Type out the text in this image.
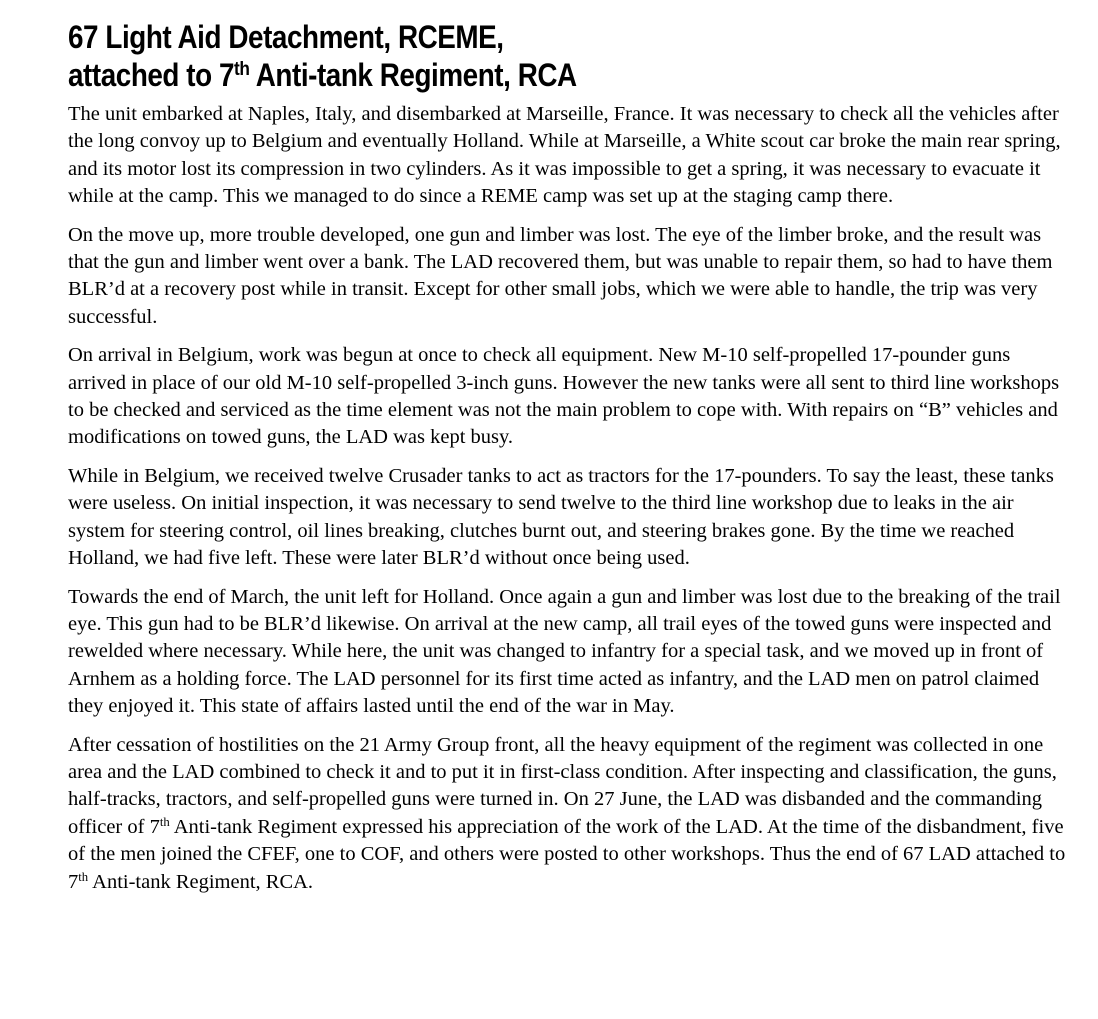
67 Light Aid Detachment, RCEME,
attached to 7th Anti-tank Regiment, RCA

The unit embarked at Naples, Italy, and disembarked at Marseille, France. It was necessary to check all the vehicles after the long convoy up to Belgium and eventually Holland. While at Marseille, a White scout car broke the main rear spring, and its motor lost its compression in two cylinders. As it was impossible to get a spring, it was necessary to evacuate it while at the camp. This we managed to do since a REME camp was set up at the staging camp there.

On the move up, more trouble developed, one gun and limber was lost. The eye of the limber broke, and the result was that the gun and limber went over a bank. The LAD recovered them, but was unable to repair them, so had to have them BLR’d at a recovery post while in transit. Except for other small jobs, which we were able to handle, the trip was very successful.

On arrival in Belgium, work was begun at once to check all equipment. New M-10 self-propelled 17-pounder guns arrived in place of our old M-10 self-propelled 3-inch guns. However the new tanks were all sent to third line workshops to be checked and serviced as the time element was not the main problem to cope with. With repairs on “B” vehicles and modifications on towed guns, the LAD was kept busy.

While in Belgium, we received twelve Crusader tanks to act as tractors for the 17-pounders. To say the least, these tanks were useless. On initial inspection, it was necessary to send twelve to the third line workshop due to leaks in the air system for steering control, oil lines breaking, clutches burnt out, and steering brakes gone. By the time we reached Holland, we had five left. These were later BLR’d without once being used.

Towards the end of March, the unit left for Holland. Once again a gun and limber was lost due to the breaking of the trail eye. This gun had to be BLR’d likewise. On arrival at the new camp, all trail eyes of the towed guns were inspected and rewelded where necessary. While here, the unit was changed to infantry for a special task, and we moved up in front of Arnhem as a holding force. The LAD personnel for its first time acted as infantry, and the LAD men on patrol claimed they enjoyed it. This state of affairs lasted until the end of the war in May.

After cessation of hostilities on the 21 Army Group front, all the heavy equipment of the regiment was collected in one area and the LAD combined to check it and to put it in first-class condition. After inspecting and classification, the guns, half-tracks, tractors, and self-propelled guns were turned in. On 27 June, the LAD was disbanded and the commanding officer of 7th Anti-tank Regiment expressed his appreciation of the work of the LAD. At the time of the disbandment, five of the men joined the CFEF, one to COF, and others were posted to other workshops. Thus the end of 67 LAD attached to 7th Anti-tank Regiment, RCA.
